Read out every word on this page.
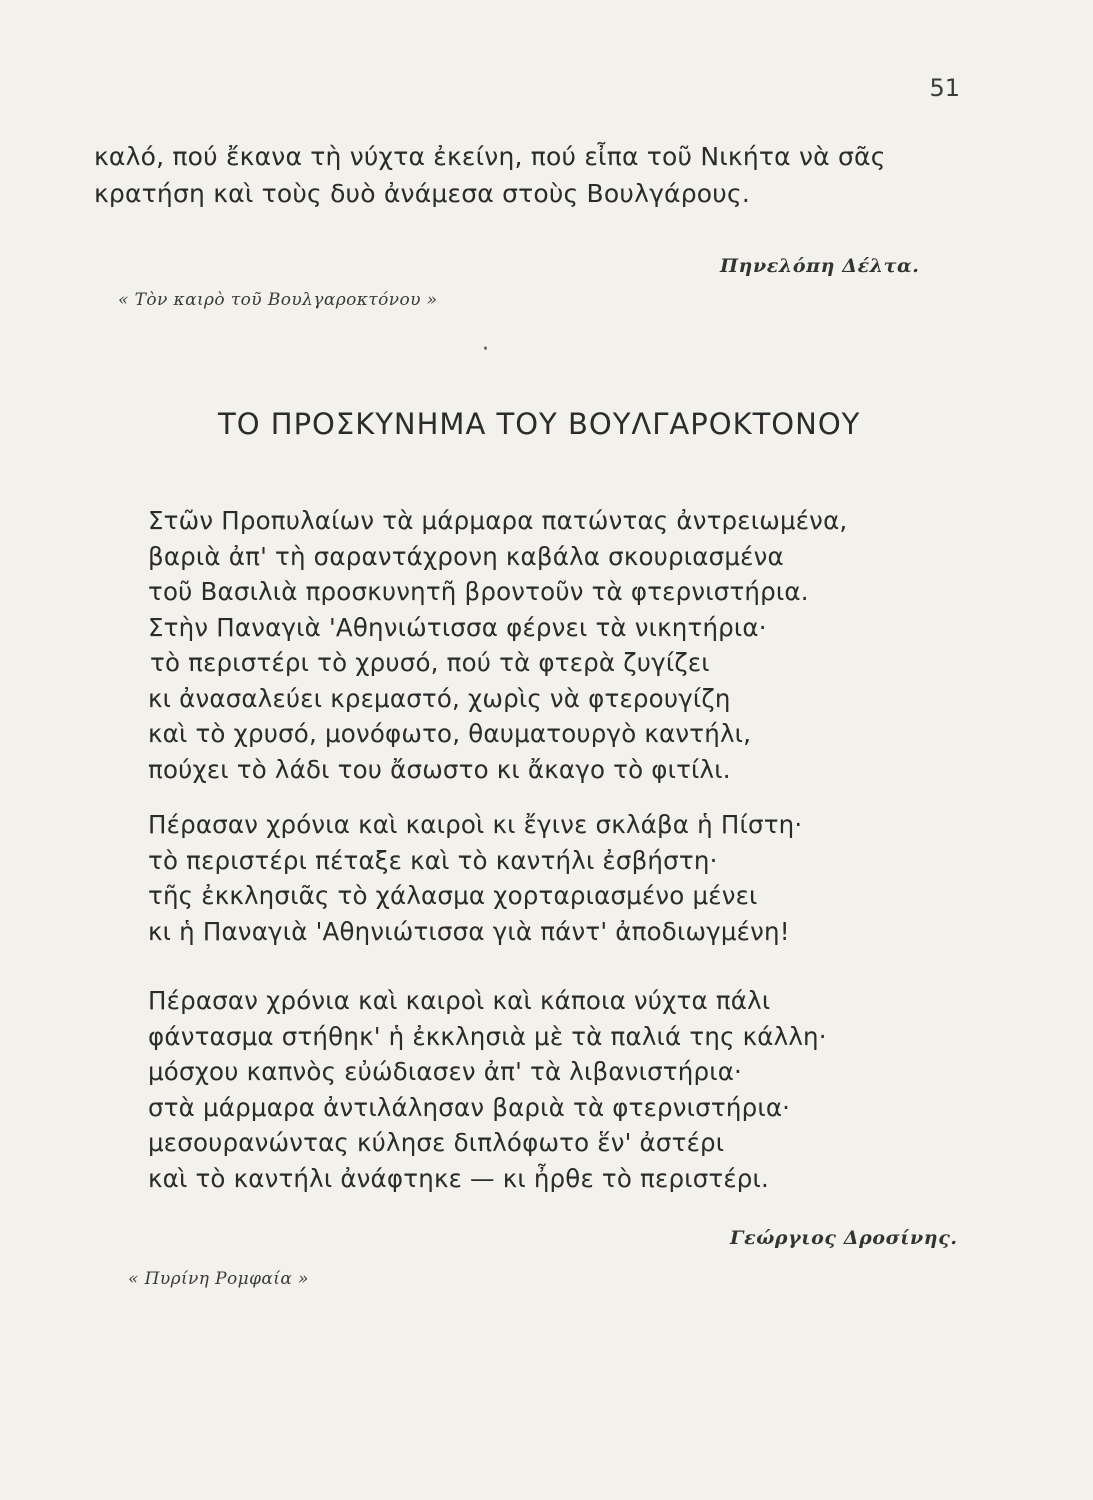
51
καλό, πού ἔκανα τὴ νύχτα ἐκείνη, πού εἶπα τοῦ Νικήτα νὰ σᾶς
κρατήση καὶ τοὺς δυὸ ἀνάμεσα στοὺς Βουλγάρους.
Πηνελόπη Δέλτα.
« Τὸν καιρὸ τοῦ Βουλγαροκτόνου »
·
ΤΟ ΠΡΟΣΚΥΝΗΜΑ ΤΟΥ ΒΟΥΛΓΑΡΟΚΤΟΝΟΥ
Στῶν Προπυλαίων τὰ μάρμαρα πατώντας ἀντρειωμένα,
βαριὰ ἀπ' τὴ σαραντάχρονη καβάλα σκουριασμένα
τοῦ Βασιλιὰ προσκυνητῆ βροντοῦν τὰ φτερνιστήρια.
Στὴν Παναγιὰ 'Αθηνιώτισσα φέρνει τὰ νικητήρια·
τὸ περιστέρι τὸ χρυσό, πού τὰ φτερὰ ζυγίζει
κι ἀνασαλεύει κρεμαστό, χωρὶς νὰ φτερουγίζη
καὶ τὸ χρυσό, μονόφωτο, θαυματουργὸ καντήλι,
πούχει τὸ λάδι του ἄσωστο κι ἄκαγο τὸ φιτίλι.
Πέρασαν χρόνια καὶ καιροὶ κι ἔγινε σκλάβα ἡ Πίστη·
τὸ περιστέρι πέταξε καὶ τὸ καντήλι ἐσβήστη·
τῆς ἐκκλησιᾶς τὸ χάλασμα χορταριασμένο μένει
κι ἡ Παναγιὰ 'Αθηνιώτισσα γιὰ πάντ' ἀποδιωγμένη!
Πέρασαν χρόνια καὶ καιροὶ καὶ κάποια νύχτα πάλι
φάντασμα στήθηκ' ἡ ἐκκλησιὰ μὲ τὰ παλιά της κάλλη·
μόσχου καπνὸς εὐώδιασεν ἀπ' τὰ λιβανιστήρια·
στὰ μάρμαρα ἀντιλάλησαν βαριὰ τὰ φτερνιστήρια·
μεσουρανώντας κύλησε διπλόφωτο ἕν' ἀστέρι
καὶ τὸ καντήλι ἀνάφτηκε — κι ἦρθε τὸ περιστέρι.
Γεώργιος Δροσίνης.
« Πυρίνη Ρομφαία »
